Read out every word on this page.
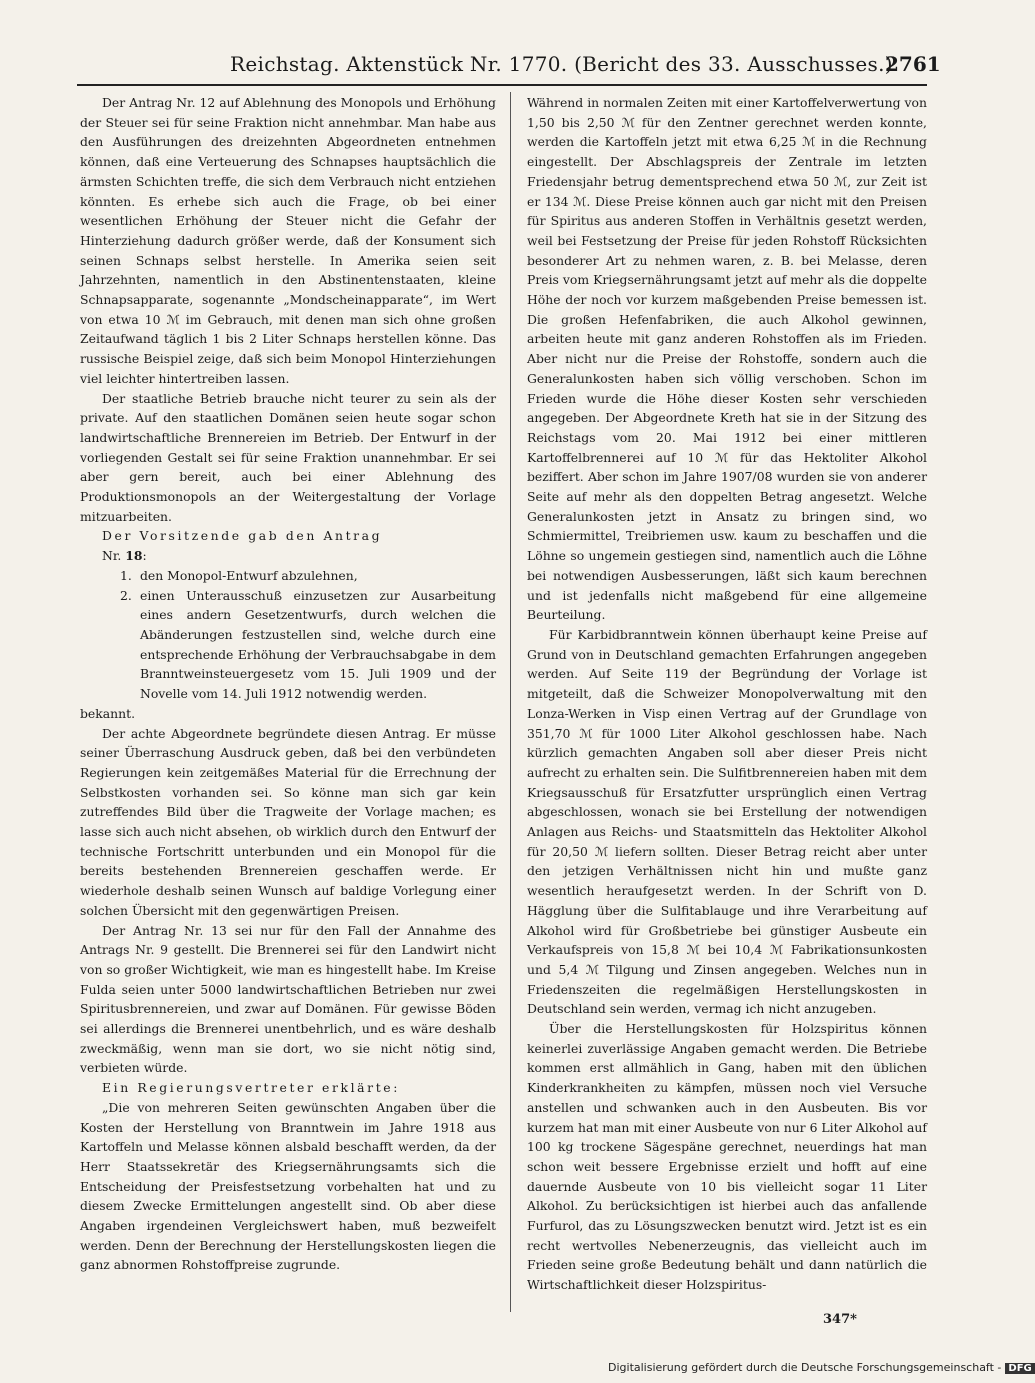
Reichstag. Aktenstück Nr. 1770. (Bericht des 33. Ausschusses.)
2761

Der Antrag Nr. 12 auf Ablehnung des Monopols und Erhöhung der Steuer sei für seine Fraktion nicht annehmbar. Man habe aus den Ausführungen des dreizehnten Abgeordneten entnehmen können, daß eine Verteuerung des Schnapses hauptsächlich die ärmsten Schichten treffe, die sich dem Verbrauch nicht entziehen könnten. Es erhebe sich auch die Frage, ob bei einer wesentlichen Erhöhung der Steuer nicht die Gefahr der Hinterziehung dadurch größer werde, daß der Konsument sich seinen Schnaps selbst herstelle. In Amerika seien seit Jahrzehnten, namentlich in den Abstinentenstaaten, kleine Schnapsapparate, sogenannte „Mondscheinapparate“, im Wert von etwa 10 ℳ im Gebrauch, mit denen man sich ohne großen Zeitaufwand täglich 1 bis 2 Liter Schnaps herstellen könne. Das russische Beispiel zeige, daß sich beim Monopol Hinterziehungen viel leichter hintertreiben lassen.

Der staatliche Betrieb brauche nicht teurer zu sein als der private. Auf den staatlichen Domänen seien heute sogar schon landwirtschaftliche Brennereien im Betrieb. Der Entwurf in der vorliegenden Gestalt sei für seine Fraktion unannehmbar. Er sei aber gern bereit, auch bei einer Ablehnung des Produktionsmonopols an der Weitergestaltung der Vorlage mitzuarbeiten.

Der Vorsitzende gab den Antrag

Nr. 18:

1. den Monopol-Entwurf abzulehnen,
2. einen Unterausschuß einzusetzen zur Ausarbeitung eines andern Gesetzentwurfs, durch welchen die Abänderungen festzustellen sind, welche durch eine entsprechende Erhöhung der Verbrauchsabgabe in dem Branntweinsteuergesetz vom 15. Juli 1909 und der Novelle vom 14. Juli 1912 notwendig werden.

bekannt.

Der achte Abgeordnete begründete diesen Antrag. Er müsse seiner Überraschung Ausdruck geben, daß bei den verbündeten Regierungen kein zeitgemäßes Material für die Errechnung der Selbstkosten vorhanden sei. So könne man sich gar kein zutreffendes Bild über die Tragweite der Vorlage machen; es lasse sich auch nicht absehen, ob wirklich durch den Entwurf der technische Fortschritt unterbunden und ein Monopol für die bereits bestehenden Brennereien geschaffen werde. Er wiederhole deshalb seinen Wunsch auf baldige Vorlegung einer solchen Übersicht mit den gegenwärtigen Preisen.

Der Antrag Nr. 13 sei nur für den Fall der Annahme des Antrags Nr. 9 gestellt. Die Brennerei sei für den Landwirt nicht von so großer Wichtigkeit, wie man es hingestellt habe. Im Kreise Fulda seien unter 5000 landwirtschaftlichen Betrieben nur zwei Spiritusbrennereien, und zwar auf Domänen. Für gewisse Böden sei allerdings die Brennerei unentbehrlich, und es wäre deshalb zweckmäßig, wenn man sie dort, wo sie nicht nötig sind, verbieten würde.

Ein Regierungsvertreter erklärte:

„Die von mehreren Seiten gewünschten Angaben über die Kosten der Herstellung von Branntwein im Jahre 1918 aus Kartoffeln und Melasse können alsbald beschafft werden, da der Herr Staatssekretär des Kriegsernährungsamts sich die Entscheidung der Preisfestsetzung vorbehalten hat und zu diesem Zwecke Ermittelungen angestellt sind. Ob aber diese Angaben irgendeinen Vergleichswert haben, muß bezweifelt werden. Denn der Berechnung der Herstellungskosten liegen die ganz abnormen Rohstoffpreise zugrunde.

Während in normalen Zeiten mit einer Kartoffelverwertung von 1,50 bis 2,50 ℳ für den Zentner gerechnet werden konnte, werden die Kartoffeln jetzt mit etwa 6,25 ℳ in die Rechnung eingestellt. Der Abschlagspreis der Zentrale im letzten Friedensjahr betrug dementsprechend etwa 50 ℳ, zur Zeit ist er 134 ℳ. Diese Preise können auch gar nicht mit den Preisen für Spiritus aus anderen Stoffen in Verhältnis gesetzt werden, weil bei Festsetzung der Preise für jeden Rohstoff Rücksichten besonderer Art zu nehmen waren, z. B. bei Melasse, deren Preis vom Kriegsernährungsamt jetzt auf mehr als die doppelte Höhe der noch vor kurzem maßgebenden Preise bemessen ist. Die großen Hefenfabriken, die auch Alkohol gewinnen, arbeiten heute mit ganz anderen Rohstoffen als im Frieden. Aber nicht nur die Preise der Rohstoffe, sondern auch die Generalunkosten haben sich völlig verschoben. Schon im Frieden wurde die Höhe dieser Kosten sehr verschieden angegeben. Der Abgeordnete Kreth hat sie in der Sitzung des Reichstags vom 20. Mai 1912 bei einer mittleren Kartoffelbrennerei auf 10 ℳ für das Hektoliter Alkohol beziffert. Aber schon im Jahre 1907/08 wurden sie von anderer Seite auf mehr als den doppelten Betrag angesetzt. Welche Generalunkosten jetzt in Ansatz zu bringen sind, wo Schmiermittel, Treibriemen usw. kaum zu beschaffen und die Löhne so ungemein gestiegen sind, namentlich auch die Löhne bei notwendigen Ausbesserungen, läßt sich kaum berechnen und ist jedenfalls nicht maßgebend für eine allgemeine Beurteilung.

Für Karbidbranntwein können überhaupt keine Preise auf Grund von in Deutschland gemachten Erfahrungen angegeben werden. Auf Seite 119 der Begründung der Vorlage ist mitgeteilt, daß die Schweizer Monopolverwaltung mit den Lonza-Werken in Visp einen Vertrag auf der Grundlage von 351,70 ℳ für 1000 Liter Alkohol geschlossen habe. Nach kürzlich gemachten Angaben soll aber dieser Preis nicht aufrecht zu erhalten sein. Die Sulfitbrennereien haben mit dem Kriegsausschuß für Ersatzfutter ursprünglich einen Vertrag abgeschlossen, wonach sie bei Erstellung der notwendigen Anlagen aus Reichs- und Staatsmitteln das Hektoliter Alkohol für 20,50 ℳ liefern sollten. Dieser Betrag reicht aber unter den jetzigen Verhältnissen nicht hin und mußte ganz wesentlich heraufgesetzt werden. In der Schrift von D. Hägglung über die Sulfitablauge und ihre Verarbeitung auf Alkohol wird für Großbetriebe bei günstiger Ausbeute ein Verkaufspreis von 15,8 ℳ bei 10,4 ℳ Fabrikationsunkosten und 5,4 ℳ Tilgung und Zinsen angegeben. Welches nun in Friedenszeiten die regelmäßigen Herstellungskosten in Deutschland sein werden, vermag ich nicht anzugeben.

Über die Herstellungskosten für Holzspiritus können keinerlei zuverlässige Angaben gemacht werden. Die Betriebe kommen erst allmählich in Gang, haben mit den üblichen Kinderkrankheiten zu kämpfen, müssen noch viel Versuche anstellen und schwanken auch in den Ausbeuten. Bis vor kurzem hat man mit einer Ausbeute von nur 6 Liter Alkohol auf 100 kg trockene Sägespäne gerechnet, neuerdings hat man schon weit bessere Ergebnisse erzielt und hofft auf eine dauernde Ausbeute von 10 bis vielleicht sogar 11 Liter Alkohol. Zu berücksichtigen ist hierbei auch das anfallende Furfurol, das zu Lösungszwecken benutzt wird. Jetzt ist es ein recht wertvolles Nebenerzeugnis, das vielleicht auch im Frieden seine große Bedeutung behält und dann natürlich die Wirtschaftlichkeit dieser Holzspiritus-

347*
Digitalisierung gefördert durch die Deutsche Forschungsgemeinschaft - DFG
